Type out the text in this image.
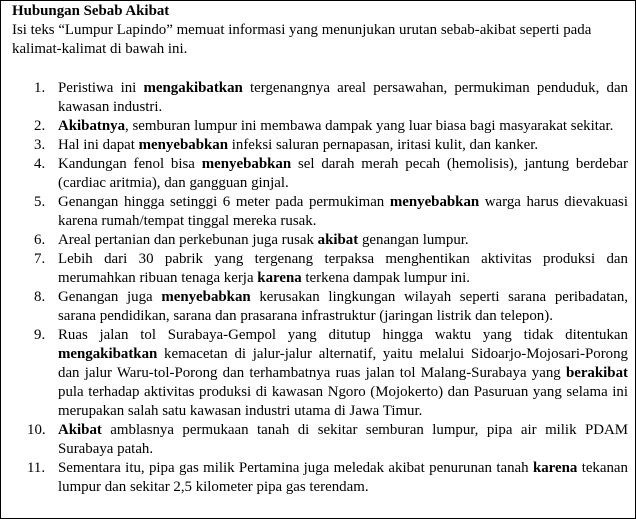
Hubungan Sebab Akibat

Isi teks “Lumpur Lapindo” memuat informasi yang menunjukan urutan sebab-akibat seperti pada kalimat-kalimat di bawah ini.

1. Peristiwa ini mengakibatkan tergenangnya areal persawahan, permukiman penduduk, dan kawasan industri.
2. Akibatnya, semburan lumpur ini membawa dampak yang luar biasa bagi masyarakat sekitar.
3. Hal ini dapat menyebabkan infeksi saluran pernapasan, iritasi kulit, dan kanker.
4. Kandungan fenol bisa menyebabkan sel darah merah pecah (hemolisis), jantung berdebar (cardiac aritmia), dan gangguan ginjal.
5. Genangan hingga setinggi 6 meter pada permukiman menyebabkan warga harus dievakuasi karena rumah/tempat tinggal mereka rusak.
6. Areal pertanian dan perkebunan juga rusak akibat genangan lumpur.
7. Lebih dari 30 pabrik yang tergenang terpaksa menghentikan aktivitas produksi dan merumahkan ribuan tenaga kerja karena terkena dampak lumpur ini.
8. Genangan juga menyebabkan kerusakan lingkungan wilayah seperti sarana peribadatan, sarana pendidikan, sarana dan prasarana infrastruktur (jaringan listrik dan telepon).
9. Ruas jalan tol Surabaya-Gempol yang ditutup hingga waktu yang tidak ditentukan mengakibatkan kemacetan di jalur-jalur alternatif, yaitu melalui Sidoarjo-Mojosari-Porong dan jalur Waru-tol-Porong dan terhambatnya ruas jalan tol Malang-Surabaya yang berakibat pula terhadap aktivitas produksi di kawasan Ngoro (Mojokerto) dan Pasuruan yang selama ini merupakan salah satu kawasan industri utama di Jawa Timur.
10. Akibat amblasnya permukaan tanah di sekitar semburan lumpur, pipa air milik PDAM Surabaya patah.
11. Sementara itu, pipa gas milik Pertamina juga meledak akibat penurunan tanah karena tekanan lumpur dan sekitar 2,5 kilometer pipa gas terendam.
